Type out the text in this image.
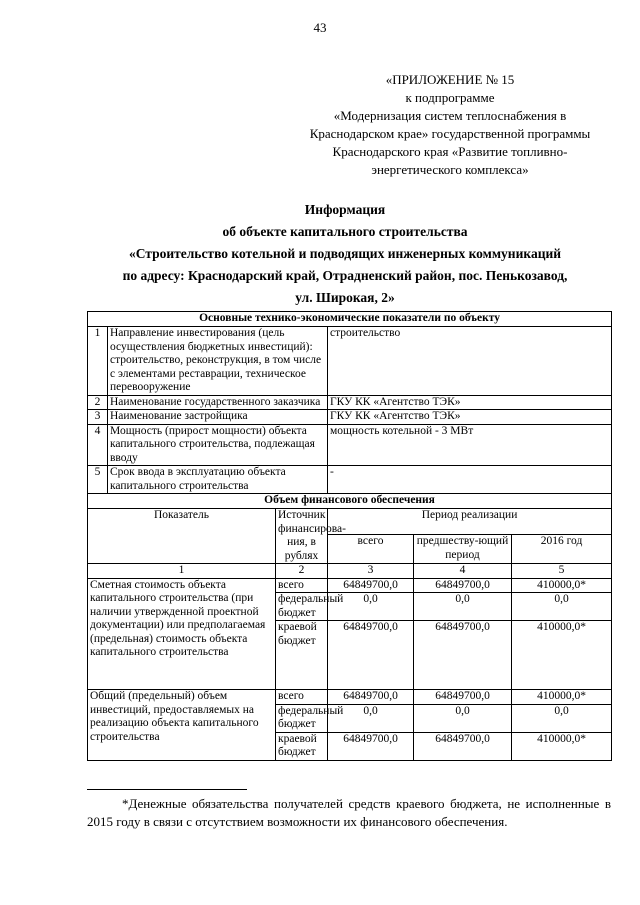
43
«ПРИЛОЖЕНИЕ № 15
к подпрограмме
«Модернизация систем теплоснабжения в
Краснодарском крае» государственной программы
Краснодарского края «Развитие топливно-
энергетического комплекса»
Информация
об объекте капитального строительства
«Строительство котельной и подводящих инженерных коммуникаций
по адресу: Краснодарский край, Отрадненский район, пос. Пенькозавод,
ул. Широкая, 2»
Основные технико-экономические показатели по объекту					
1	Направление инвестирования (цель осуществления бюджетных инвестиций): строительство, реконструкция, в том числе с элементами реставрации, техническое перевооружение		строительство		
2	Наименование государственного заказчика		ГКУ КК «Агентство ТЭК»		
3	Наименование застройщика		ГКУ КК «Агентство ТЭК»		
4	Мощность (прирост мощности) объекта капитального строительства, подлежащая вводу		мощность котельной - 3 МВт		
5	Срок ввода в эксплуатацию объекта капитального строительства		-		
Объем финансового обеспечения					
Показатель		Источник финансирова-ния, в рублях	Период реализации		
			всего	предшеству-ющий период	2016 год
1		2	3	4	5
Сметная стоимость объекта капитального строительства (при наличии утвержденной проектной документации) или предполагаемая (предельная) стоимость объекта капитального строительства		всего	64849700,0	64849700,0	410000,0*
		федеральный бюджет	0,0	0,0	0,0
		краевой бюджет	64849700,0	64849700,0	410000,0*
Общий (предельный) объем инвестиций, предоставляемых на реализацию объекта капитального строительства		всего	64849700,0	64849700,0	410000,0*
		федеральный бюджет	0,0	0,0	0,0
		краевой бюджет	64849700,0	64849700,0	410000,0*
*Денежные обязательства получателей средств краевого бюджета, не исполненные в 2015 году в связи с отсутствием возможности их финансового обеспечения.
